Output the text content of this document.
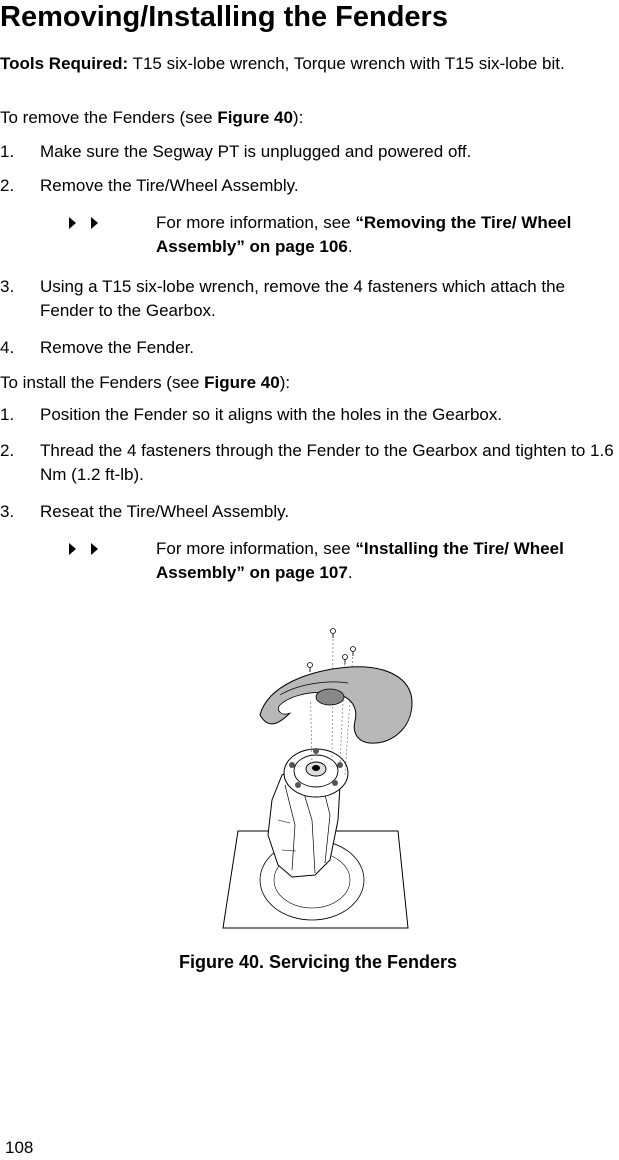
Removing/Installing the Fenders
Tools Required: T15 six-lobe wrench, Torque wrench with T15 six-lobe bit.
To remove the Fenders (see Figure 40):
1. Make sure the Segway PT is unplugged and powered off.
2. Remove the Tire/Wheel Assembly.
For more information, see “Removing the Tire/ Wheel Assembly” on page 106.
3. Using a T15 six-lobe wrench, remove the 4 fasteners which attach the Fender to the Gearbox.
4. Remove the Fender.
To install the Fenders (see Figure 40):
1. Position the Fender so it aligns with the holes in the Gearbox.
2. Thread the 4 fasteners through the Fender to the Gearbox and tighten to 1.6 Nm (1.2 ft-lb).
3. Reseat the Tire/Wheel Assembly.
For more information, see “Installing the Tire/ Wheel Assembly” on page 107.
Figure 40. Servicing the Fenders
108
